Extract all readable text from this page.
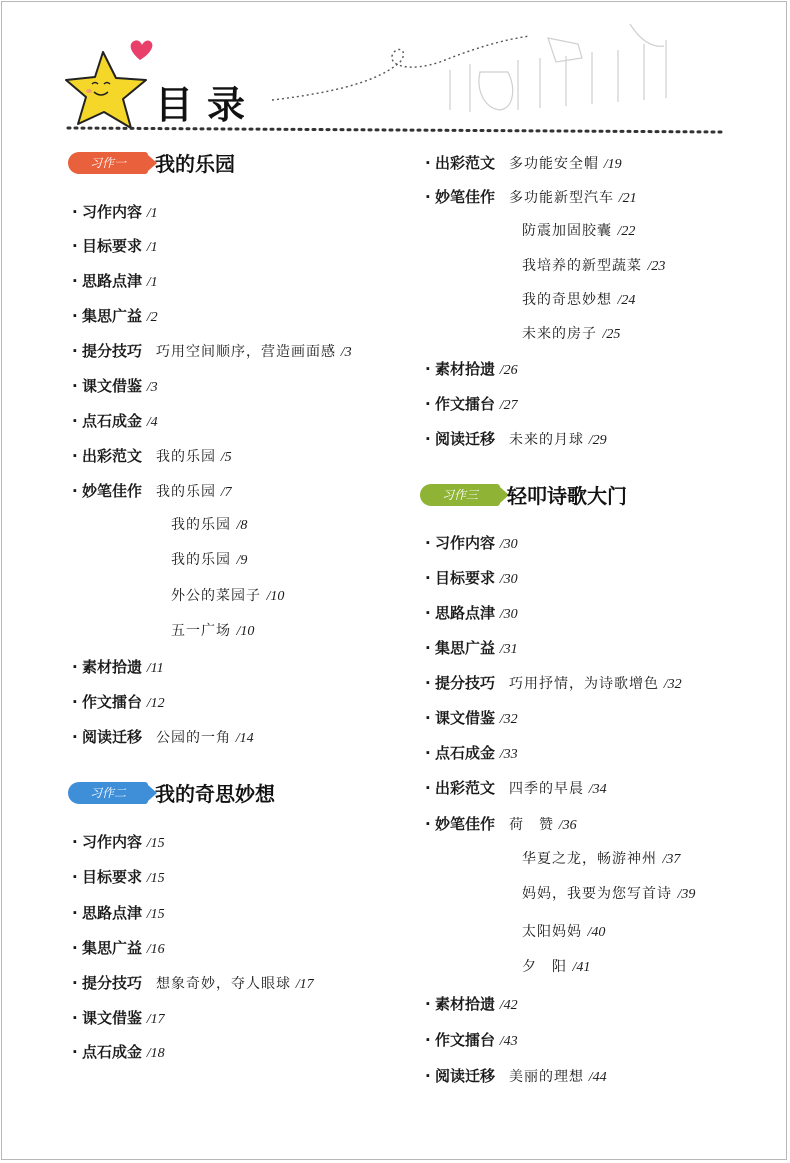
目录
习作一	我的乐园
· 习作内容 /1
· 目标要求 /1
· 思路点津 /1
· 集思广益 /2
· 提分技巧 巧用空间顺序，营造画面感 /3
· 课文借鉴 /3
· 点石成金 /4
· 出彩范文 我的乐园 /5
· 妙笔佳作 我的乐园 /7
我的乐园 /8
我的乐园 /9
外公的菜园子 /10
五一广场 /10
· 素材拾遗 /11
· 作文擂台 /12
· 阅读迁移 公园的一角 /14
习作二	我的奇思妙想
· 习作内容 /15
· 目标要求 /15
· 思路点津 /15
· 集思广益 /16
· 提分技巧 想象奇妙，夺人眼球 /17
· 课文借鉴 /17
· 点石成金 /18
· 出彩范文 多功能安全帽 /19
· 妙笔佳作 多功能新型汽车 /21
防震加固胶囊 /22
我培养的新型蔬菜 /23
我的奇思妙想 /24
未来的房子 /25
· 素材拾遗 /26
· 作文擂台 /27
· 阅读迁移 未来的月球 /29
习作三	轻叩诗歌大门
· 习作内容 /30
· 目标要求 /30
· 思路点津 /30
· 集思广益 /31
· 提分技巧 巧用抒情，为诗歌增色 /32
· 课文借鉴 /32
· 点石成金 /33
· 出彩范文 四季的早晨 /34
· 妙笔佳作 荷　赞 /36
华夏之龙，畅游神州 /37
妈妈，我要为您写首诗 /39
太阳妈妈 /40
夕　阳 /41
· 素材拾遗 /42
· 作文擂台 /43
· 阅读迁移 美丽的理想 /44
